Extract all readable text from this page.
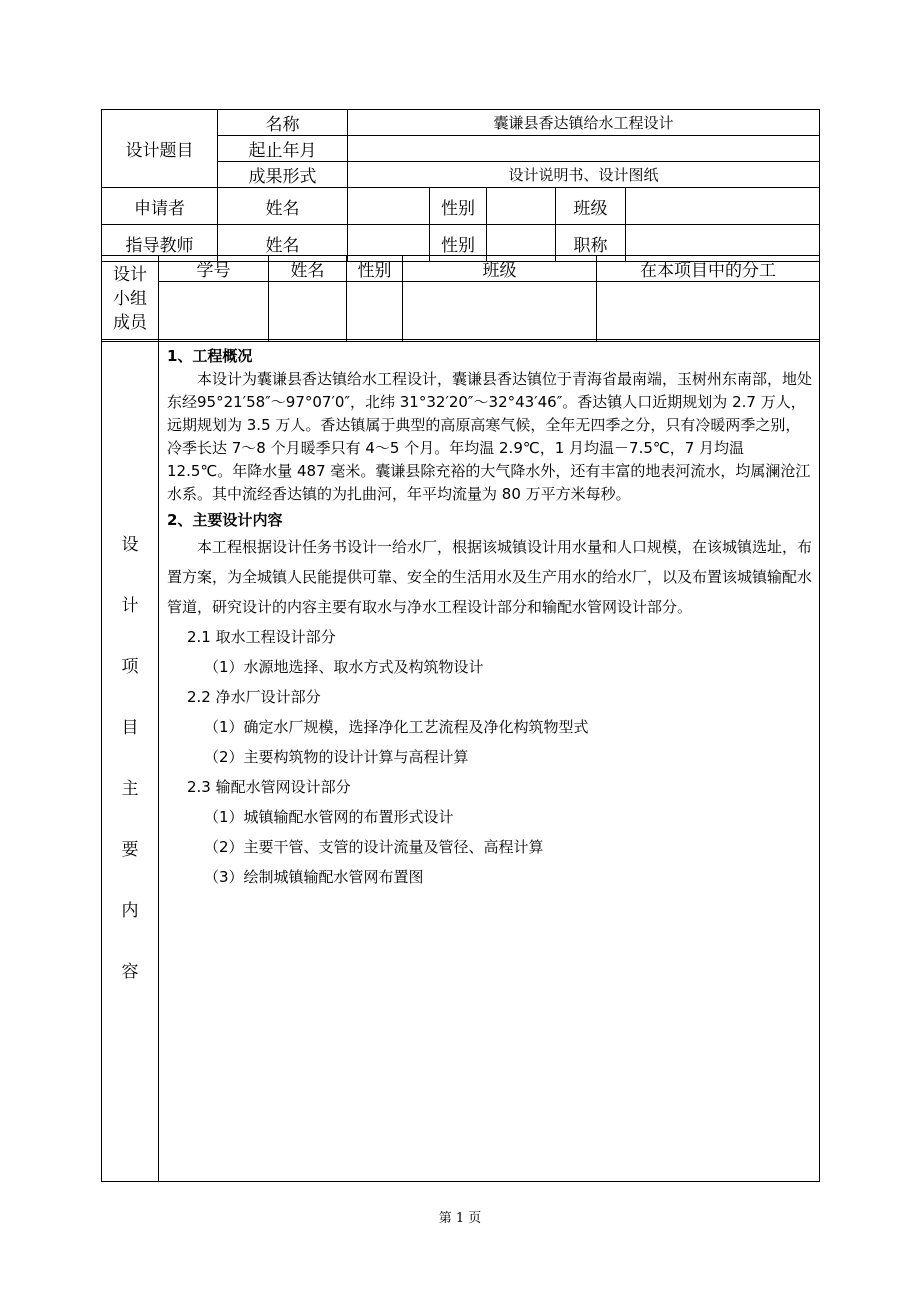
设计题目	名称	囊谦县香达镇给水工程设计				
	起止年月					
	成果形式	设计说明书、设计图纸				
申请者	姓名		性别		班级	
指导教师	姓名		性别		职称	
设计
小组
成员	学号	姓名	性别	班级	在本项目中的分工

设
计
项
目
主
要
内
容

1、工程概况

本设计为囊谦县香达镇给水工程设计，囊谦县香达镇位于青海省最南端，玉树州东南部，地处东经95°21′58″～97°07′0″，北纬 31°32′20″～32°43′46″。香达镇人口近期规划为 2.7 万人，远期规划为 3.5 万人。香达镇属于典型的高原高寒气候，全年无四季之分，只有冷暖两季之别，冷季长达 7～8 个月暖季只有 4～5 个月。年均温 2.9℃，1 月均温－7.5℃，7 月均温 12.5℃。年降水量 487 毫米。囊谦县除充裕的大气降水外，还有丰富的地表河流水，均属澜沧江水系。其中流经香达镇的为扎曲河，年平均流量为 80 万平方米每秒。

2、主要设计内容

本工程根据设计任务书设计一给水厂，根据该城镇设计用水量和人口规模，在该城镇选址，布置方案，为全城镇人民能提供可靠、安全的生活用水及生产用水的给水厂，以及布置该城镇输配水管道，研究设计的内容主要有取水与净水工程设计部分和输配水管网设计部分。

2.1 取水工程设计部分

（1）水源地选择、取水方式及构筑物设计

2.2 净水厂设计部分

（1）确定水厂规模，选择净化工艺流程及净化构筑物型式

（2）主要构筑物的设计计算与高程计算

2.3 输配水管网设计部分

（1）城镇输配水管网的布置形式设计

（2）主要干管、支管的设计流量及管径、高程计算

（3）绘制城镇输配水管网布置图

第 1 页
